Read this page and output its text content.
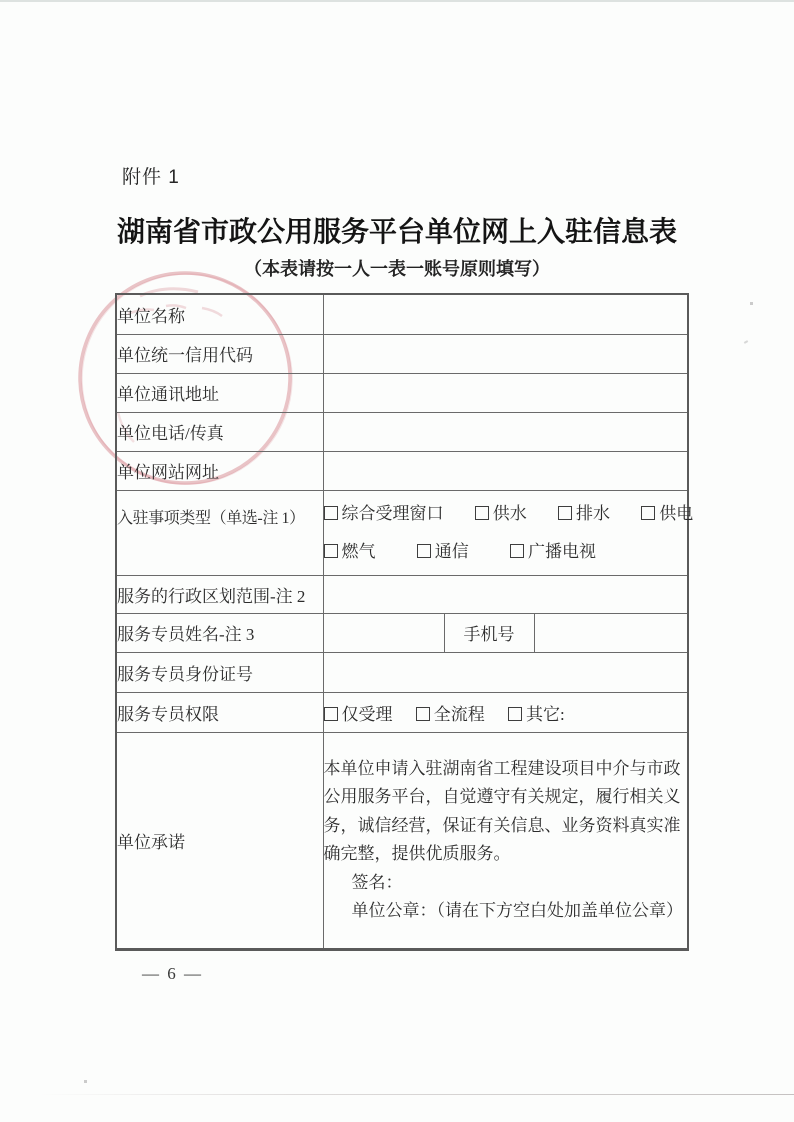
附件 1
湖南省市政公用服务平台单位网上入驻信息表
（本表请按一人一表一账号原则填写）
单位名称			
单位统一信用代码			
单位通讯地址			
单位电话/传真			
单位网站网址			
入驻事项类型（单选-注 1）	综合受理窗口 供水 排水 供电
燃气 通信 广播电视		

服务的行政区划范围-注 2			
服务专员姓名-注 3		手机号	
服务专员身份证号			
服务专员权限	仅受理 全流程 其它:		
单位承诺	本单位申请入驻湖南省工程建设项目中介与市政公用服务平台，自觉遵守有关规定，履行相关义务，诚信经营，保证有关信息、业务资料真实准确完整，提供优质服务。
签名：
单位公章：（请在下方空白处加盖单位公章）		
— 6 —
